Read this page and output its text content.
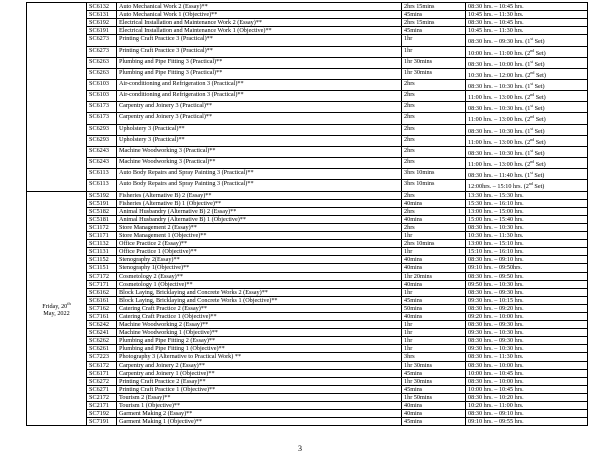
	SC6132	Auto Mechanical Work 2 (Essay)**	2hrs 15mins	08:30 hrs. – 10:45 hrs.
	SC6131	Auto Mechanical Work 1 (Objective)**	45mins	10:45 hrs. – 11:30 hrs.
	SC6192	Electrical Installation and Maintenance Work 2 (Essay)**	2hrs 15mins	08:30 hrs. – 10:45 hrs.
	SC6191	Electrical Installation and Maintenance Work 1 (Objective)**	45mins	10:45 hrs. – 11:30 hrs.
	SC6273	Printing Craft Practice 3 (Practical)**	1hr	08:30 hrs. – 09:30 hrs. (1st Set)
	SC6273	Printing Craft Practice 3 (Practical)**	1hr	10:00 hrs. – 11:00 hrs. (2nd Set)
	SC6263	Plumbing and Pipe Fitting 3 (Practical)**	1hr 30mins	08:30 hrs. – 10:00 hrs. (1st Set)
	SC6263	Plumbing and Pipe Fitting 3 (Practical)**	1hr 30mins	10:30 hrs. – 12:00 hrs. (2nd Set)
	SC6103	Air-conditioning and Refrigeration 3 (Practical)**	2hrs	08:30 hrs. – 10:30 hrs. (1st Set)
	SC6103	Air-conditioning and Refrigeration 3 (Practical)**	2hrs	11:00 hrs. – 13:00 hrs. (2nd Set)
	SC6173	Carpentry and Joinery 3 (Practical)**	2hrs	08:30 hrs. – 10:30 hrs. (1st Set)
	SC6173	Carpentry and Joinery 3 (Practical)**	2hrs	11:00 hrs. – 13:00 hrs. (2nd Set)
	SC6293	Upholstery 3 (Practical)**	2hrs	08:30 hrs. – 10:30 hrs. (1st Set)
	SC6293	Upholstery 3 (Practical)**	2hrs	11:00 hrs. – 13:00 hrs. (2nd Set)
	SC6243	Machine Woodworking 3 (Practical)**	2hrs	08:30 hrs. – 10:30 hrs. (1st Set)
	SC6243	Machine Woodworking 3 (Practical)**	2hrs	11:00 hrs. – 13:00 hrs. (2nd Set)
	SC6113	Auto Body Repairs and Spray Painting 3 (Practical)**	3hrs 10mins	08:30 hrs. – 11:40 hrs. (1st Set)
	SC6113	Auto Body Repairs and Spray Painting 3 (Practical)**	3hrs 10mins	12:00hrs. – 15:10 hrs. (2nd Set)
Friday, 20th
May, 2022	SC5192	Fisheries (Alternative B) 2 (Essay)**	2hrs	13:30 hrs. – 15:30 hrs.
	SC5191	Fisheries (Alternative B) 1 (Objective)**	40mins	15:30 hrs. – 16:10 hrs.
	SC5182	Animal Husbandry (Alternative B) 2 (Essay)**	2hrs	13:00 hrs. – 15:00 hrs.
	SC5181	Animal Husbandry (Alternative B) 1 (Objective)**	40mins	15:00 hrs. – 15:40 hrs.
	SC1172	Store Management 2 (Essay)**	2hrs	08:30 hrs. – 10:30 hrs.
	SC1171	Store Management 1 (Objective)**	1hr	10:30 hrs. – 11:30 hrs.
	SC1132	Office Practice 2 (Essay)**	2hrs 10mins	13:00 hrs. – 15:10 hrs.
	SC1131	Office Practice 1 (Objective)**	1hr	15:10 hrs. – 16:10 hrs.
	SC1152	Stenography 2(Essay)**	40mins	08:30 hrs. – 09:10 hrs.
	SC1151	Stenography 1(Objective)**	40mins	09:10 hrs. – 09:50hrs.
	SC7172	Cosmetology 2 (Essay)**	1hr 20mins	08:30 hrs. – 09:50 hrs.
	SC7171	Cosmetology 1 (Objective)**	40mins	09:50 hrs. – 10:30 hrs.
	SC6162	Block Laying, Bricklaying and Concrete Works 2 (Essay)**	1hr	08:30 hrs. – 09:30 hrs.
	SC6161	Block Laying, Bricklaying and Concrete Works 1 (Objective)**	45mins	09:30 hrs. – 10:15 hrs.
	SC7162	Catering Craft Practice 2 (Essay)**	50mins	08:30 hrs. – 09:20 hrs.
	SC7161	Catering Craft Practice 1 (Objective)**	40mins	09:20 hrs. – 10:00 hrs.
	SC6242	Machine Woodworking 2 (Essay)**	1hr	08:30 hrs. – 09:30 hrs.
	SC6241	Machine Woodworking 1 (Objective)**	1hr	09:30 hrs. – 10:30 hrs.
	SC6262	Plumbing and Pipe Fitting 2 (Essay)**	1hr	08:30 hrs. – 09:30 hrs.
	SC6261	Plumbing and Pipe Fitting 1 (Objective)**	1hr	09:30 hrs. – 10:30 hrs.
	SC7223	Photography 3 (Alternative to Practical Work) **	3hrs	08:30 hrs. – 11:30 hrs.
	SC6172	Carpentry and Joinery 2 (Essay)**	1hr 30mins	08:30 hrs. – 10:00 hrs.
	SC6171	Carpentry and Joinery 1 (Objective)**	45mins	10:00 hrs. – 10:45 hrs.
	SC6272	Printing Craft Practice 2 (Essay)**	1hr 30mins	08:30 hrs. – 10:00 hrs.
	SC6271	Printing Craft Practice 1 (Objective)**	45mins	10:00 hrs. – 10:45 hrs.
	SC2172	Tourism 2 (Essay)**	1hr 50mins	08:30 hrs. – 10:20 hrs.
	SC2171	Tourism 1 (Objective)**	40mins	10:20 hrs. – 11:00 hrs.
	SC7192	Garment Making 2 (Essay)**	40mins	08:30 hrs. – 09:10 hrs.
	SC7191	Garment Making 1 (Objective)**	45mins	09:10 hrs. – 09:55 hrs.
3
